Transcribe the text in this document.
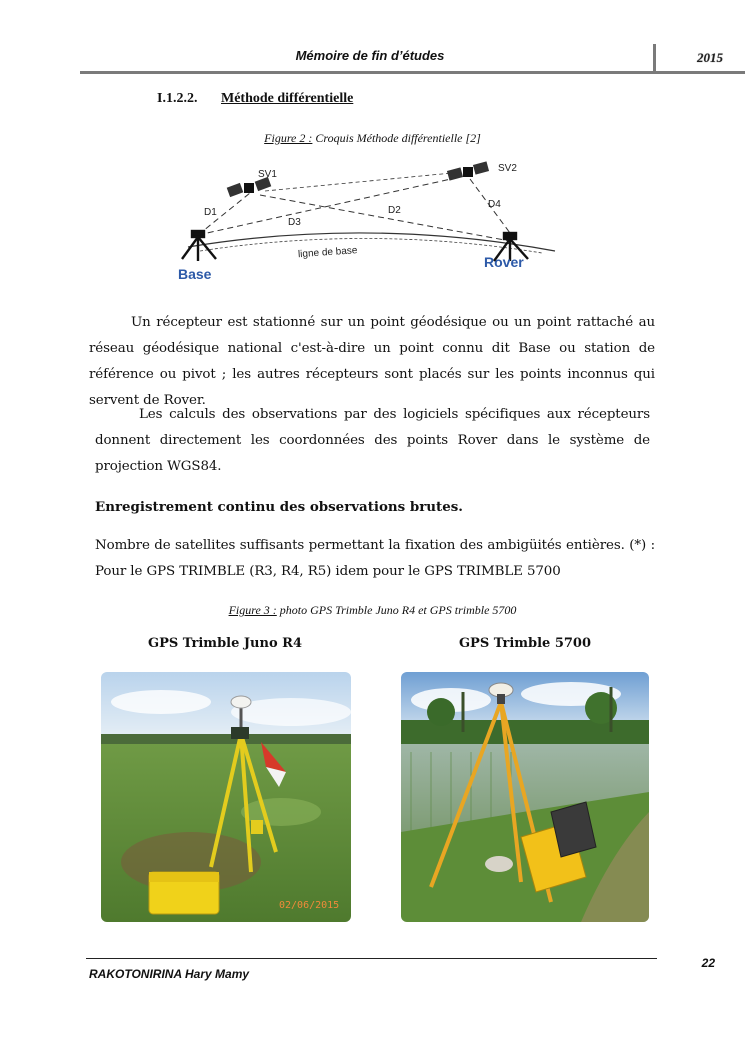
Mémoire de fin d’études	2015
I.1.2.2. Méthode différentielle
Figure 2 : Croquis Méthode différentielle [2]
SV1
SV2
D1	D2
D3
D4
ligne de base
Base
Rover
Un récepteur est stationné sur un point géodésique ou un point rattaché au réseau géodésique national c'est-à-dire un point connu dit Base ou station de référence ou pivot ; les autres récepteurs sont placés sur les points inconnus qui servent de Rover.
Les calculs des observations par des logiciels spécifiques aux récepteurs donnent directement les coordonnées des points Rover dans le système de projection WGS84.
Enregistrement continu des observations brutes.
Nombre de satellites suffisants permettant la fixation des ambigüités entières. (*) : Pour le GPS TRIMBLE (R3, R4, R5) idem pour le GPS TRIMBLE 5700
Figure 3 : photo GPS Trimble Juno R4 et GPS trimble 5700
GPS Trimble Juno R4	GPS Trimble 5700
02/06/2015
22
RAKOTONIRINA Hary Mamy
